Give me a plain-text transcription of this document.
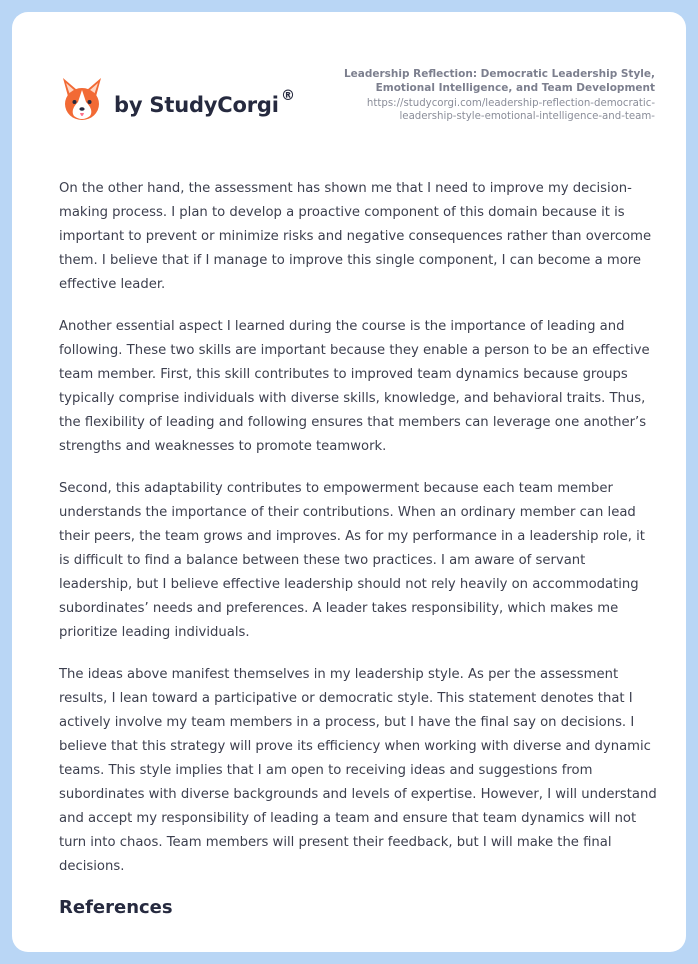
by StudyCorgi ®
Leadership Reflection: Democratic Leadership Style, Emotional Intelligence, and Team Development
https://studycorgi.com/leadership-reflection-democratic-leadership-style-emotional-intelligence-and-team-

On the other hand, the assessment has shown me that I need to improve my decision-making process. I plan to develop a proactive component of this domain because it is important to prevent or minimize risks and negative consequences rather than overcome them. I believe that if I manage to improve this single component, I can become a more effective leader.

Another essential aspect I learned during the course is the importance of leading and following. These two skills are important because they enable a person to be an effective team member. First, this skill contributes to improved team dynamics because groups typically comprise individuals with diverse skills, knowledge, and behavioral traits. Thus, the flexibility of leading and following ensures that members can leverage one another’s strengths and weaknesses to promote teamwork.

Second, this adaptability contributes to empowerment because each team member understands the importance of their contributions. When an ordinary member can lead their peers, the team grows and improves. As for my performance in a leadership role, it is difficult to find a balance between these two practices. I am aware of servant leadership, but I believe effective leadership should not rely heavily on accommodating subordinates’ needs and preferences. A leader takes responsibility, which makes me prioritize leading individuals.

The ideas above manifest themselves in my leadership style. As per the assessment results, I lean toward a participative or democratic style. This statement denotes that I actively involve my team members in a process, but I have the final say on decisions. I believe that this strategy will prove its efficiency when working with diverse and dynamic teams. This style implies that I am open to receiving ideas and suggestions from subordinates with diverse backgrounds and levels of expertise. However, I will understand and accept my responsibility of leading a team and ensure that team dynamics will not turn into chaos. Team members will present their feedback, but I will make the final decisions.

References
